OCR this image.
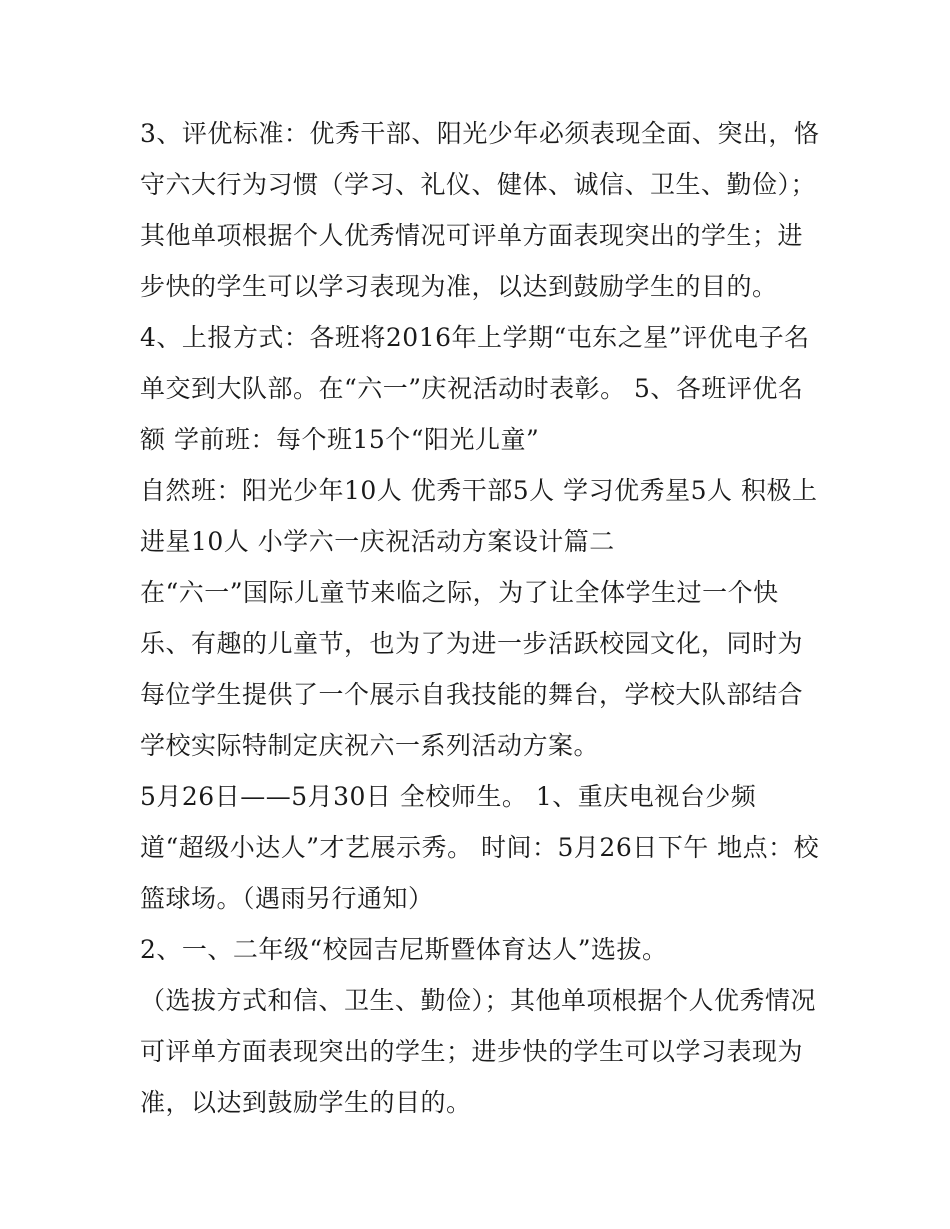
3、评优标准：优秀干部、阳光少年必须表现全面、突出，恪守六大行为习惯（学习、礼仪、健体、诚信、卫生、勤俭）；其他单项根据个人优秀情况可评单方面表现突出的学生；进步快的学生可以学习表现为准，以达到鼓励学生的目的。

4、上报方式：各班将2016年上学期“屯东之星”评优电子名单交到大队部。在“六一”庆祝活动时表彰。 5、各班评优名额 学前班：每个班15个“阳光儿童”

自然班：阳光少年10人 优秀干部5人 学习优秀星5人 积极上进星10人 小学六一庆祝活动方案设计篇二

在“六一”国际儿童节来临之际，为了让全体学生过一个快乐、有趣的儿童节，也为了为进一步活跃校园文化，同时为每位学生提供了一个展示自我技能的舞台，学校大队部结合学校实际特制定庆祝六一系列活动方案。

5月26日——5月30日 全校师生。 1、重庆电视台少频道“超级小达人”才艺展示秀。 时间：5月26日下午 地点：校篮球场。（遇雨另行通知）

2、一、二年级“校园吉尼斯暨体育达人”选拔。

（选拔方式和信、卫生、勤俭）；其他单项根据个人优秀情况可评单方面表现突出的学生；进步快的学生可以学习表现为准，以达到鼓励学生的目的。
